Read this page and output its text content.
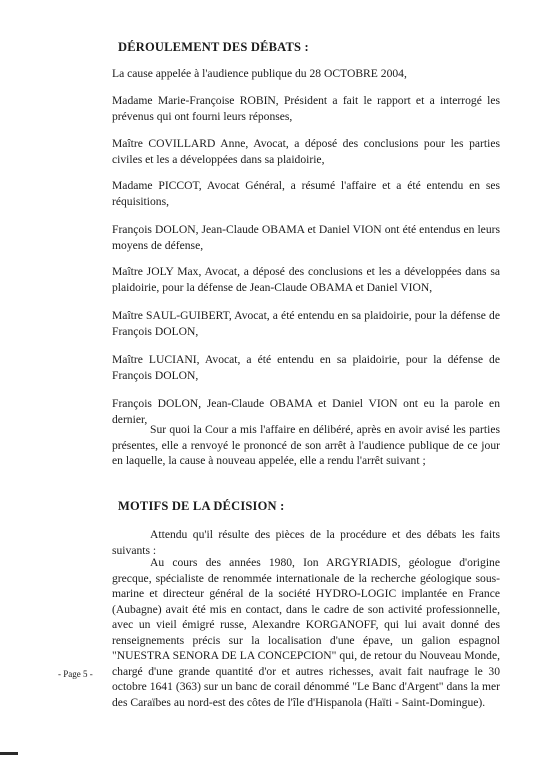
DÉROULEMENT DES DÉBATS :

La cause appelée à l'audience publique du 28 OCTOBRE 2004,

Madame Marie-Françoise ROBIN, Président a fait le rapport et a interrogé les prévenus qui ont fourni leurs réponses,

Maître COVILLARD Anne, Avocat, a déposé des conclusions pour les parties civiles et les a développées dans sa plaidoirie,

Madame PICCOT, Avocat Général, a résumé l'affaire et a été entendu en ses réquisitions,

François DOLON, Jean-Claude OBAMA et Daniel VION ont été entendus en leurs moyens de défense,

Maître JOLY Max, Avocat, a déposé des conclusions et les a développées dans sa plaidoirie, pour la défense de Jean-Claude OBAMA et Daniel VION,

Maître SAUL-GUIBERT, Avocat, a été entendu en sa plaidoirie, pour la défense de François DOLON,

Maître LUCIANI, Avocat, a été entendu en sa plaidoirie, pour la défense de François DOLON,

François DOLON, Jean-Claude OBAMA et Daniel VION ont eu la parole en dernier,

Sur quoi la Cour a mis l'affaire en délibéré, après en avoir avisé les parties présentes, elle a renvoyé le prononcé de son arrêt à l'audience publique de ce jour en laquelle, la cause à nouveau appelée, elle a rendu l'arrêt suivant ;

MOTIFS DE LA DÉCISION :

Attendu qu'il résulte des pièces de la procédure et des débats les faits suivants :

Au cours des années 1980, Ion ARGYRIADIS, géologue d'origine grecque, spécialiste de renommée internationale de la recherche géologique sous-marine et directeur général de la société HYDRO-LOGIC implantée en France (Aubagne) avait été mis en contact, dans le cadre de son activité professionnelle, avec un vieil émigré russe, Alexandre KORGANOFF, qui lui avait donné des renseignements précis sur la localisation d'une épave, un galion espagnol "NUESTRA SENORA DE LA CONCEPCION" qui, de retour du Nouveau Monde, chargé d'une grande quantité d'or et autres richesses, avait fait naufrage le 30 octobre 1641 (363) sur un banc de corail dénommé "Le Banc d'Argent" dans la mer des Caraïbes au nord-est des côtes de l'île d'Hispanola (Haïti - Saint-Domingue).

- Page 5 -
